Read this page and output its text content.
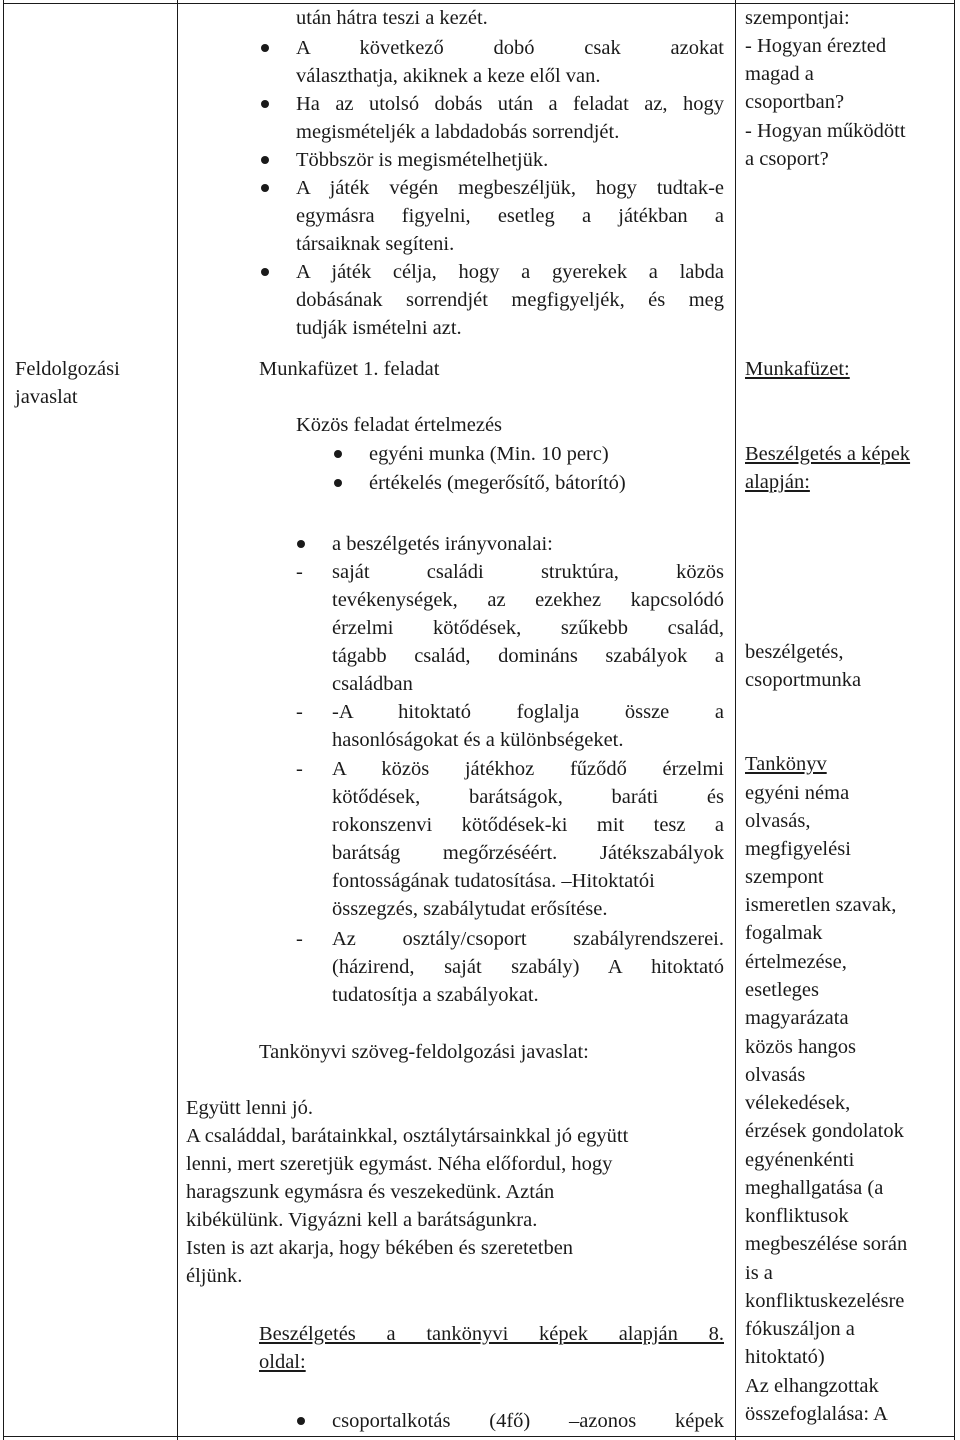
Feldolgozási
javaslat
után hátra teszi a kezét.
A következő dobó csak azokat
választhatja, akiknek a keze elől van.
Ha az utolsó dobás után a feladat az, hogy
megismételjék a labdadobás sorrendjét.
Többször is megismételhetjük.
A játék végén megbeszéljük, hogy tudtak-e
egymásra figyelni, esetleg a játékban a
társaiknak segíteni.
A játék célja, hogy a gyerekek a labda
dobásának sorrendjét megfigyeljék, és meg
tudják ismételni azt.
Munkafüzet 1. feladat
Közös feladat értelmezés
egyéni munka (Min. 10 perc)
értékelés (megerősítő, bátorító)
a beszélgetés irányvonalai:
- saját családi struktúra, közös
tevékenységek, az ezekhez kapcsolódó
érzelmi kötődések, szűkebb család,
tágabb család, domináns szabályok a
családban
- -A hitoktató foglalja össze a
hasonlóságokat és a különbségeket.
- A közös játékhoz fűződő érzelmi
kötődések, barátságok, baráti és
rokonszenvi kötődések-ki mit tesz a
barátság megőrzéséért. Játékszabályok
fontosságának tudatosítása. –Hitoktatói
összegzés, szabálytudat erősítése.
- Az osztály/csoport szabályrendszerei.
(házirend, saját szabály) A hitoktató
tudatosítja a szabályokat.
Tankönyvi szöveg-feldolgozási javaslat:
Együtt lenni jó.
A családdal, barátainkkal, osztálytársainkkal jó együtt
lenni, mert szeretjük egymást. Néha előfordul, hogy
haragszunk egymásra és veszekedünk. Aztán
kibékülünk. Vigyázni kell a barátságunkra.
Isten is azt akarja, hogy békében és szeretetben
éljünk.
Beszélgetés a tankönyvi képek alapján 8.
oldal:
csoportalkotás (4fő) –azonos képek
szempontjai:
- Hogyan érezted
magad a
csoportban?
- Hogyan működött
a csoport?
Munkafüzet:
Beszélgetés a képek
alapján:
beszélgetés,
csoportmunka
Tankönyv
egyéni néma
olvasás,
megfigyelési
szempont
ismeretlen szavak,
fogalmak
értelmezése,
esetleges
magyarázata
közös hangos
olvasás
vélekedések,
érzések gondolatok
egyénenkénti
meghallgatása (a
konfliktusok
megbeszélése során
is a
konfliktuskezelésre
fókuszáljon a
hitoktató)
Az elhangzottak
összefoglalása: A
